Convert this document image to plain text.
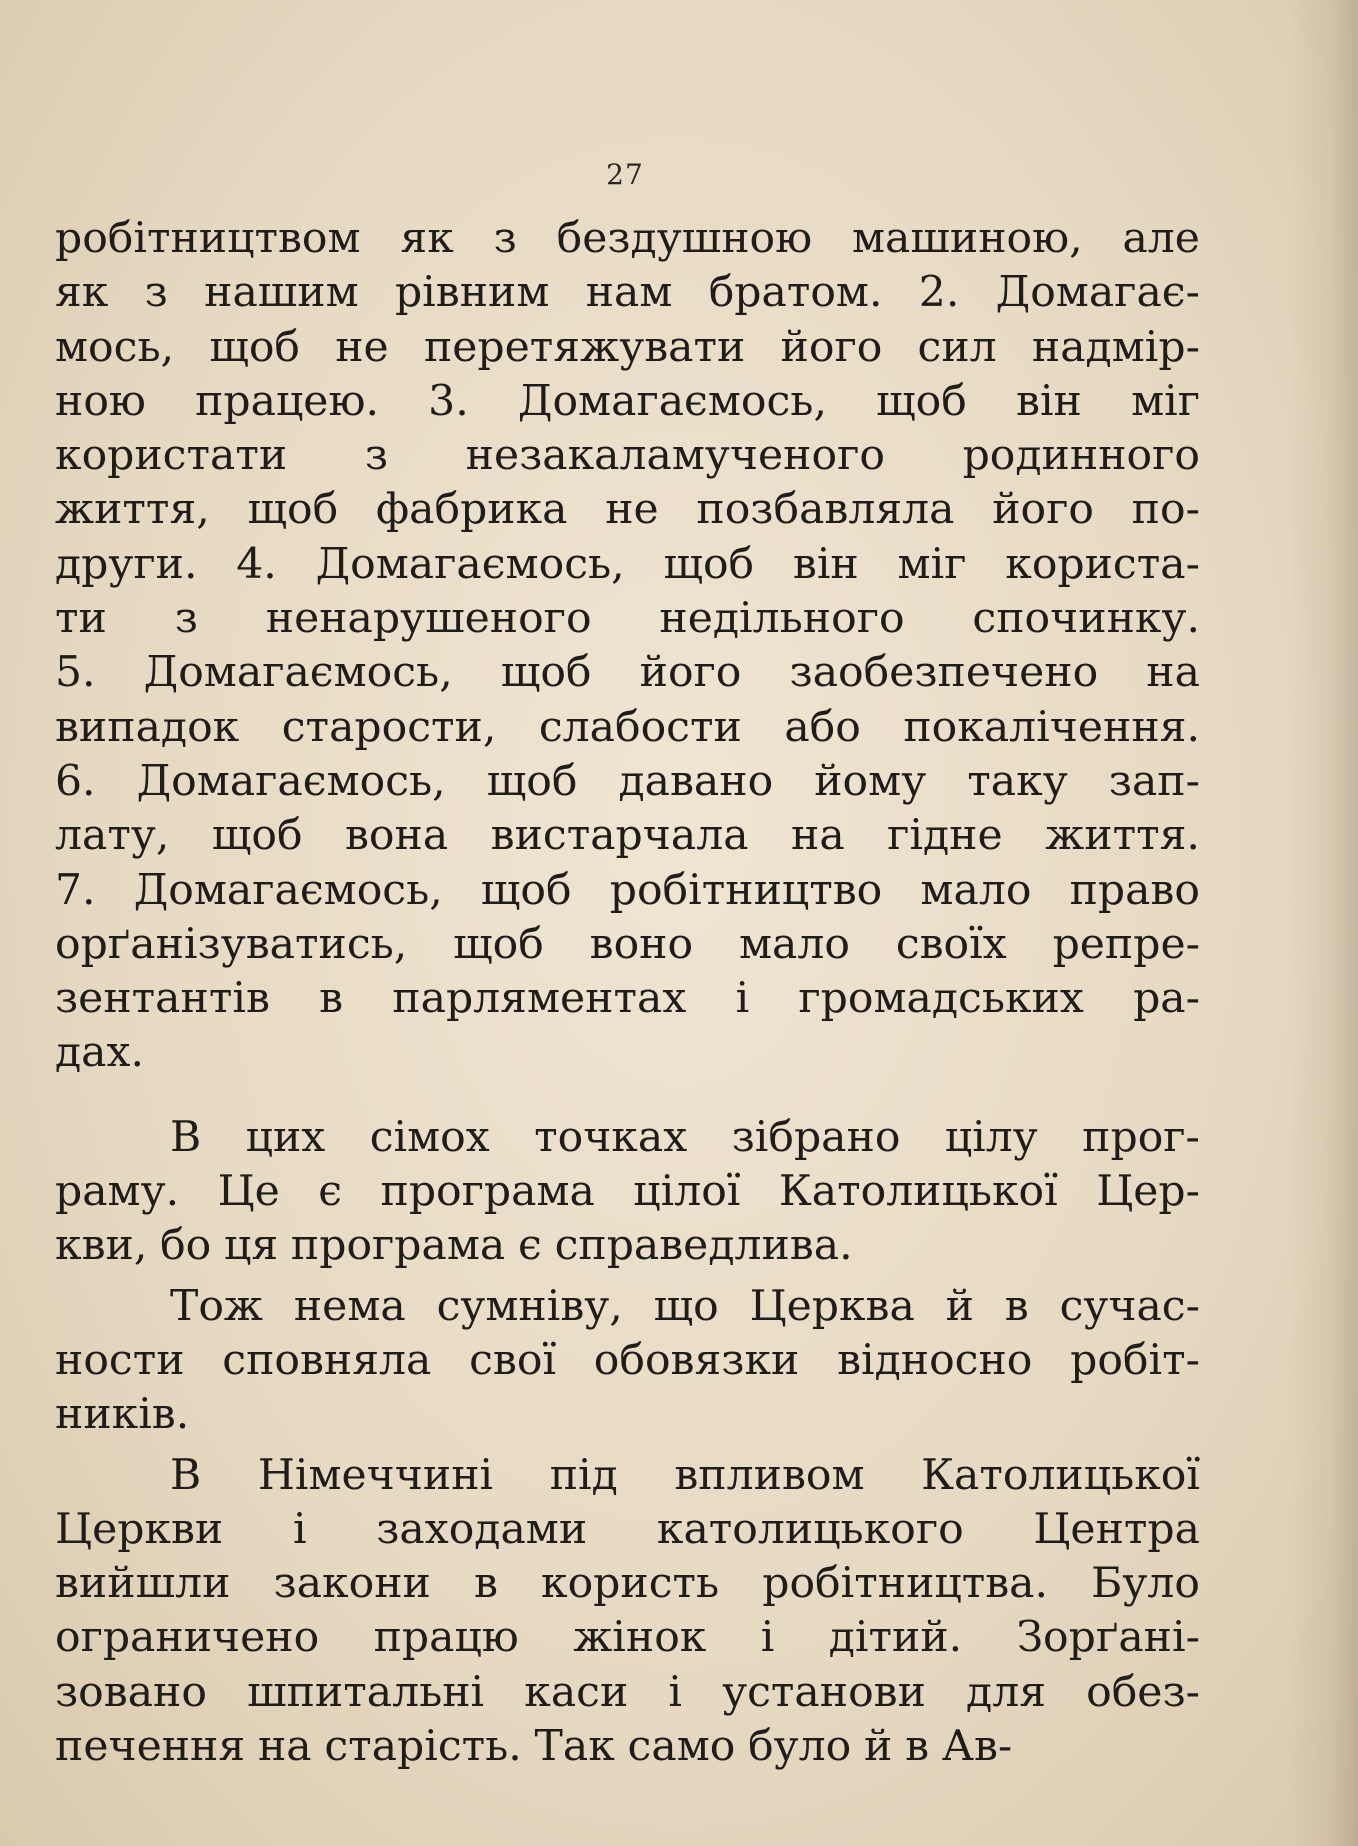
27
робітництвом як з бездушною машиною, але
як з нашим рівним нам братом. 2. Домагає-
мось, щоб не перетяжувати його сил надмір-
ною працею. 3. Домагаємось, щоб він міг
користати з незакаламученого родинного
життя, щоб фабрика не позбавляла його по-
други. 4. Домагаємось, щоб він міг користа-
ти з ненарушеного недільного спочинку.
5. Домагаємось, щоб його заобезпечено на
випадок старости, слабости або покалічення.
6. Домагаємось, щоб давано йому таку зап-
лату, щоб вона вистарчала на гідне життя.
7. Домагаємось, щоб робітництво мало право
орґанізуватись, щоб воно мало своїх репре-
зентантів в парляментах і громадських ра-
дах.
В цих сімох точках зібрано цілу прог-
раму. Це є програма цілої Католицької Цер-
кви, бо ця програма є справедлива.
Тож нема сумніву, що Церква й в сучас-
ности сповняла свої обовязки відносно робіт-
ників.
В Німеччині під впливом Католицької
Церкви і заходами католицького Центра
вийшли закони в користь робітництва. Було
ограничено працю жінок і дітий. Зорґані-
зовано шпитальні каси і установи для обез-
печення на старість. Так само було й в Ав-
